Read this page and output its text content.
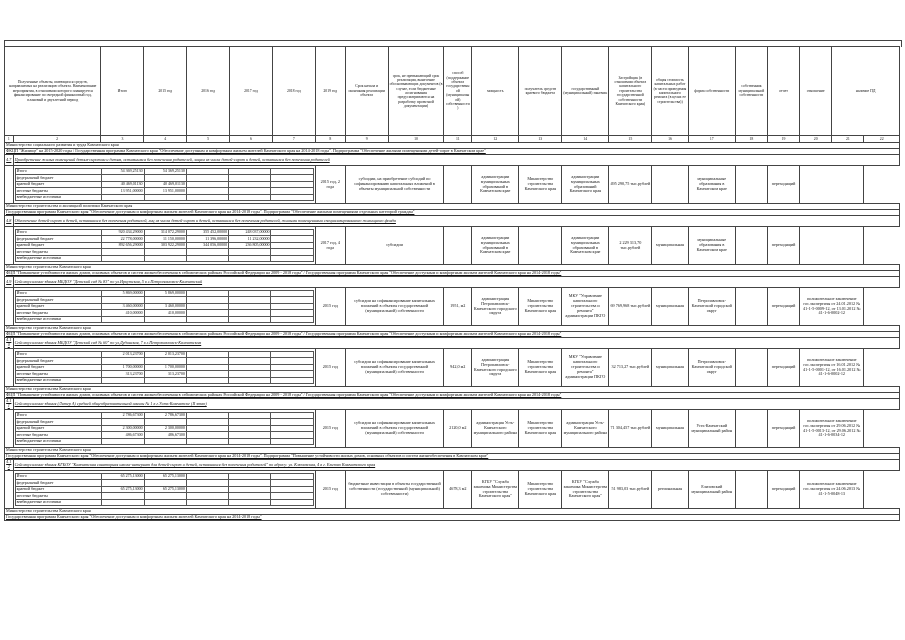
Полученные объекты, имеющихся средств, направляемых на реализацию объекта. Наименование мероприятия, в отношении которого планируется финансирование по очередной финансовый год, плановый и двухлетний период	Итого	2015 год	2016 год	2017 год	2018 год	2019 год	Срок начала и окончания реализации объекта	срок, не превышающий срок реализации, вынесение обосновывающих документов (в случае, если бюджетные ассигнования предусматриваются на разработку проектной документации)	способ (поддержание объекта государственной (муниципальной) собственности)	мощность	получатель средств краевого бюджета	государственный (муниципальный) заказчик	Застройщик (в отношении объекта капитального строительства государственной собственности Камчатского края)	общая стоимость капитальных работ (в части проведения капитального ремонта (в целях ее строительства))	форма собственности	собственник муниципальной собственности	отчет	отношение	наличие ПД
1	2	3	4	5	6	7	8	9	10	11	12	13	14	15	16	17	18	19	20	21	22
Министерство социального развития и труда Камчатского края
ФКЦП "Жилище" на 2015-2020 годы / Государственная программа Камчатского края "Обеспечение доступным и комфортным жильем жителей Камчатского края на 2014-2018 годы". Подпрограмма "Обеспечение жилыми помещениями детей-сирот в Камчатском крае"
4.7	Приобретение жилых помещений детям-сиротам и детям, оставшимся без попечения родителей, лицам из числа детей-сирот и детей, оставшихся без попечения родителей

Итого	54 369,25130	54 369,25130			
федеральный бюджет					
краевой бюджет	40 469,01130	40 469,01130			
местные бюджеты	13 951,00000	13 951,00000			
внебюджетные источники					
	2015 год, 2 года	субсидии, на приобретение субсидий по софинансированию капитальных вложений в объекты муниципальной собственности		администрации муниципальных образований в Камчатском крае	Министерство строительства Камчатского края	администрации муниципальных образований Камчатского края	495 290,75 тыс.рублей		муниципальные образования в Камчатском крае		переходящий	
Министерство строительства и жилищной политики Камчатского края
Государственная программа Камчатского края "Обеспечение доступным и комфортным жильем жителей Камчатского края на 2014-2018 годы". Подпрограмма "Обеспечение жилыми помещениями отдельных категорий граждан"
4.8	Обеспечение детей-сирот и детей, оставшихся без попечения родителей, лиц из числа детей-сирот и детей, оставшихся без попечения родителей, жилыми помещениями специализированного жилищного фонда

Итого	920 434,29000	314 072,29000	355 452,00000	248 037,00000	
федеральный бюджет	22 778,00000	11 150,00000	11 396,00000	11 232,00000	
краевой бюджет	892 656,29000	303 922,29000	344 056,00000	236 805,00000	
местные бюджеты					
внебюджетные источники					
	2017 год, 4 года	субсидии		администрации муниципальных образований в Камчатском крае		администрации муниципальных образований в Камчатском крае	2 229 313,70 тыс.рублей	муниципальная	муниципальные образования в Камчатском крае		переходящий	
Министерство строительства Камчатского края
ФЦП "Повышение устойчивости жилых домов, основных объектов и систем жизнеобеспечения в сейсмических районах Российской Федерации на 2009 - 2018 годы" / Государственная программа Камчатского края "Обеспечение доступным и комфортным жильем жителей Камчатского края на 2014-2018 годы"
4.9	Сейсмоусиление здания МБДОУ "Детский сад № 83" по ул.Иркутская, 5 в г.Петропавловск-Камчатский

Итого	5 869,00000	5 869,00000			
федеральный бюджет					
краевой бюджет	3 460,00000	3 460,00000			
местные бюджеты	410,00000	410,00000			
внебюджетные источники					
	2015 год	субсидии на софинансирование капитальных вложений в объекты государственной (муниципальной) собственности	1951, м2	администрация Петропавловск-Камчатского городского округа	Министерство строительства Камчатского края	МКУ "Управление капитального строительства и ремонта" администрации ПКГО	69 769,968 тыс.рублей	муниципальная	Петропавловск-Камчатский городской округ		переходящий	положительное заключение гос.экспертизы от 24.01.2012 № 41-1-5-0009-12, от 13.01.2012 № 41-1-6-0002-12
Министерство строительства Камчатского края
ФЦП "Повышение устойчивости жилых домов, основных объектов и систем жизнеобеспечения в сейсмических районах Российской Федерации на 2009 - 2018 годы" / Государственная программа Камчатского края "Обеспечение доступным и комфортным жильем жителей Камчатского края на 2014-2018 годы"
4.10	Сейсмоусиление здания МБДОУ "Детский сад № 60" по ул.Дудинская, 7 в г.Петропавловск-Камчатском

Итого	2 013,23700	2 013,23700			
федеральный бюджет					
краевой бюджет	1 700,00000	1 700,00000			
местные бюджеты	313,23700	313,23700			
внебюджетные источники					
	2015 год	субсидии на софинансирование капитальных вложений в объекты государственной (муниципальной) собственности	942,0 м2	администрация Петропавловск-Камчатского городского округа	Министерство строительства Камчатского края	МКУ "Управление капитального строительства и ремонта" администрации ПКГО	32 713,27 тыс.рублей	муниципальная	Петропавловск-Камчатский городской округ		переходящий	положительное заключение гос.экспертизы от 16.01.2012 № 41-1-5-0001-12, от 16.01.2012 № 41-1-6-0002-12
Министерство строительства Камчатского края
ФЦП "Повышение устойчивости жилых домов, основных объектов и систем жизнеобеспечения в сейсмических районах Российской Федерации на 2009 - 2018 годы" / Государственная программа Камчатского края "Обеспечение доступным и комфортным жильем жителей Камчатского края на 2014-2018 годы"
4.11	Сейсмоусиление здания (Литер А) средней общеобразовательной школы № 1 в г.Усть-Камчатске (II этап)

Итого	2 786,67300	2 786,67300			
федеральный бюджет					
краевой бюджет	2 300,00000	2 300,00000			
местные бюджеты	486,67300	486,67300			
внебюджетные источники					
	2015 год	субсидии на софинансирование капитальных вложений в объекты государственной (муниципальной) собственности	2120,0 м2	администрация Усть-Камчатского муниципального района	Министерство строительства Камчатского края	администрация Усть-Камчатского муниципального района	71 304,457 тыс.рублей	муниципальная	Усть-Камчатский муниципальный район		переходящий	положительное заключение гос.экспертизы от 29.06.2012 № 41-1-5-0013-12, от 29.06.2012 № 41-1-6-0034-12
Министерство строительства Камчатского края
Государственная программа Камчатского края "Обеспечение доступным и комфортным жильем жителей Камчатского края на 2014-2018 годы". Подпрограмма "Повышение устойчивости жилых домов, основных объектов и систем жизнеобеспечения в Камчатском крае"
4.12	Сейсмоусиление здания КГБОУ "Камчатская санаторная школа-интернат для детей-сирот и детей, оставшихся без попечения родителей" по адресу: ул. Ключевская, 4 в г. Елизово Камчатского края

Итого	65 275,13000	65 275,13000			
федеральный бюджет					
краевой бюджет	65 275,13000	65 275,13000			
местные бюджеты					
внебюджетные источники					
	2015 год	бюджетные инвестиции в объекты государственной собственности (государственной (муниципальной) собственности)	4678,3 м2	КГБУ "Служба заказчика Министерства строительства Камчатского края"	Министерство строительства Камчатского края	КГБУ "Служба заказчика Министерства строительства Камчатского края"	51 983,03 тыс.рублей	региональная	Елизовский муниципальный район		переходящий	положительное заключение гос.экспертизы от 24.06.2013 № 41-1-5-0048-13
Министерство строительства Камчатского края
Государственная программа Камчатского края "Обеспечение доступным и комфортным жильем жителей Камчатского края на 2014-2018 годы"
